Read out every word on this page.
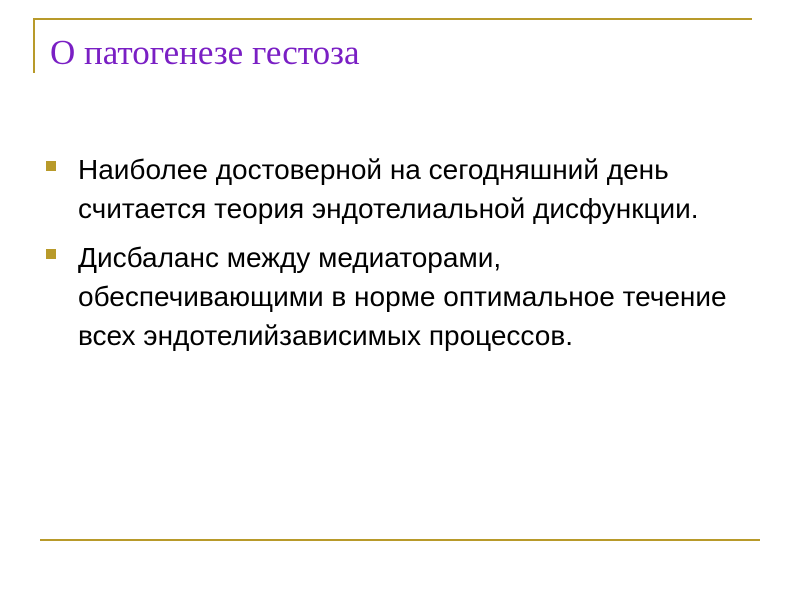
О патогенезе гестоза
Наиболее достоверной на сегодняшний день считается теория эндотелиальной дисфункции.
Дисбаланс между медиаторами, обеспечивающими в норме оптимальное течение всех эндотелийзависимых процессов.
